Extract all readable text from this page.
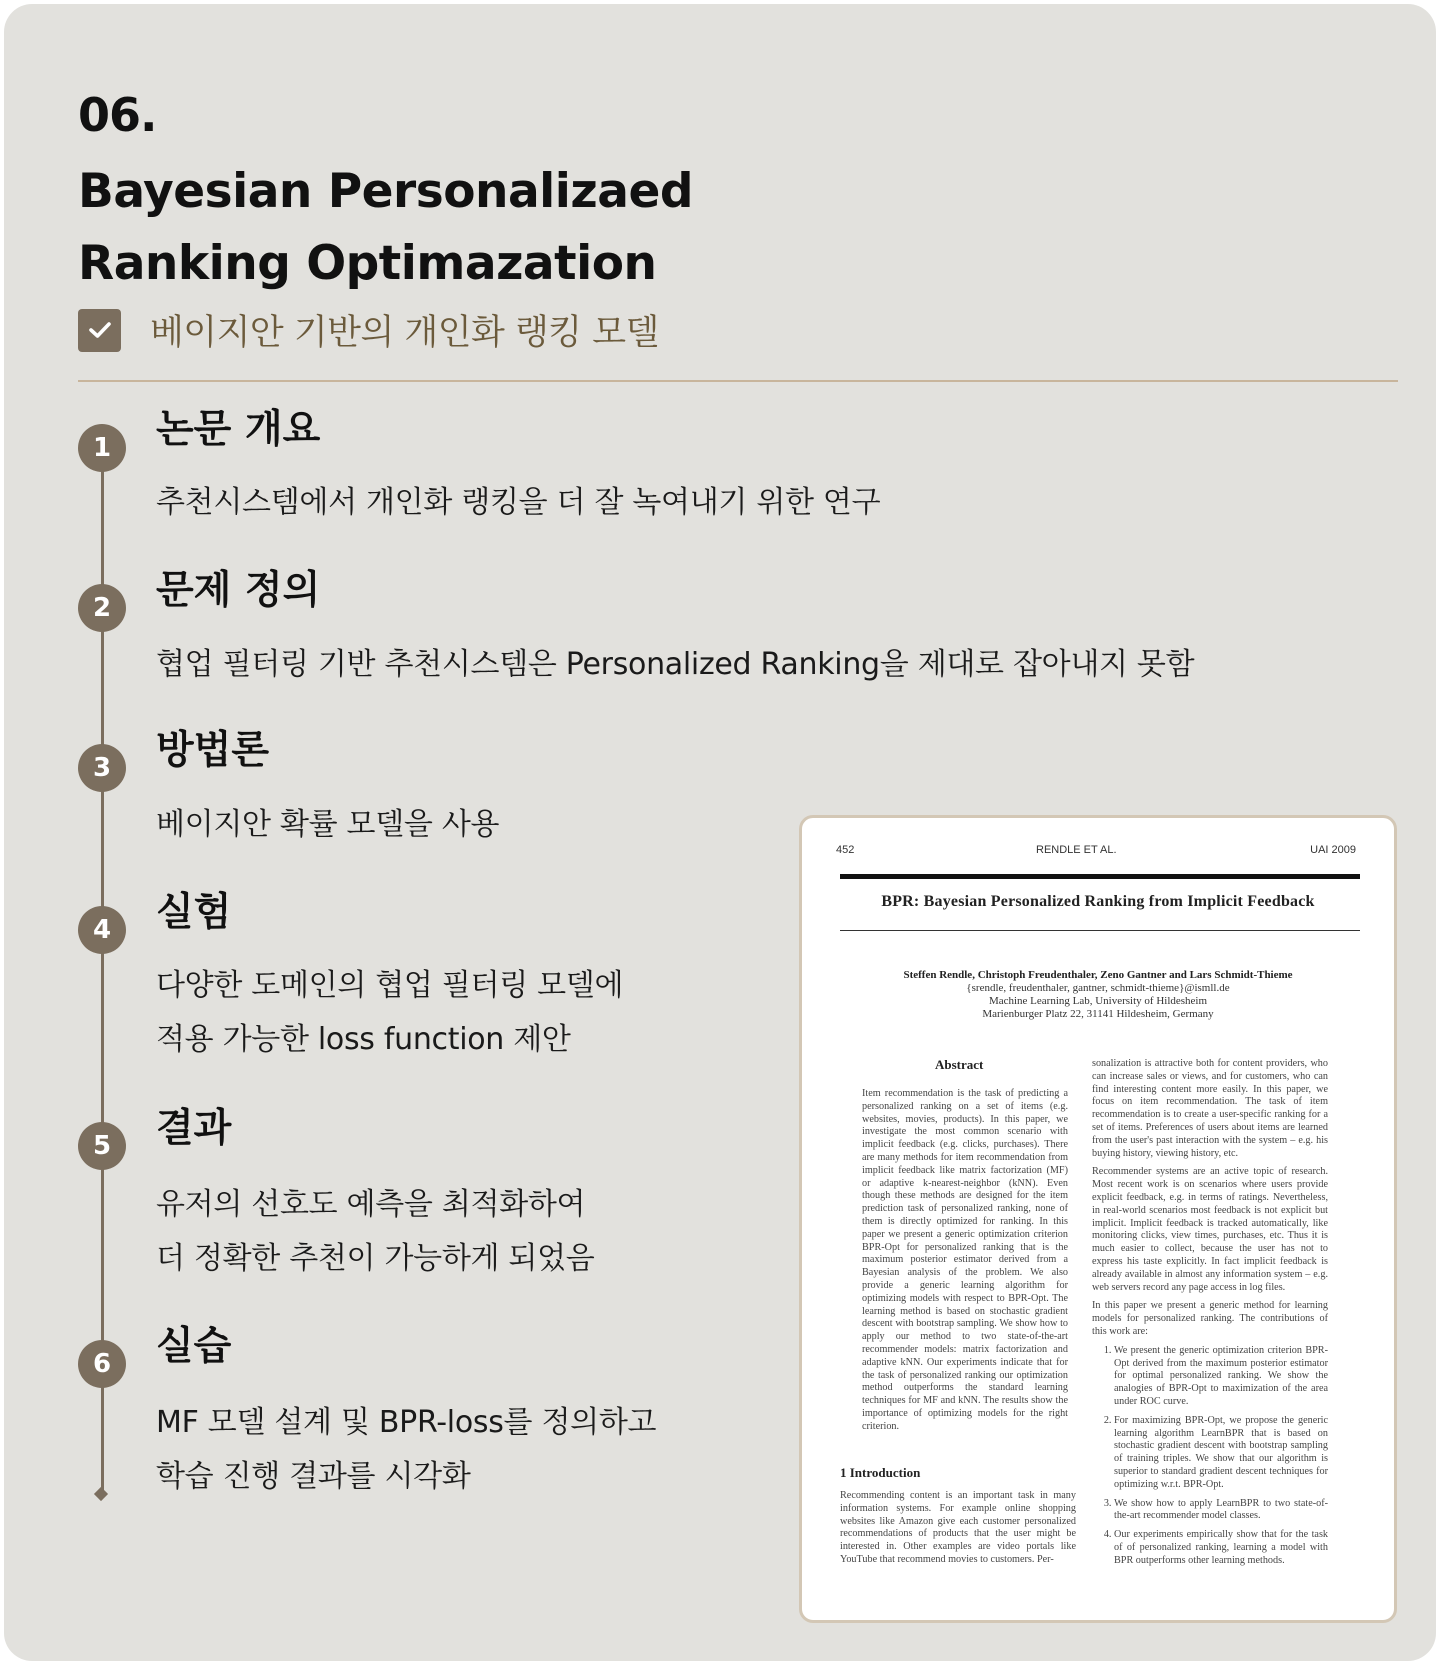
06.
Bayesian Personalizaed
Ranking Optimazation
베이지안 기반의 개인화 랭킹 모델
1	논문 개요
추천시스템에서 개인화 랭킹을 더 잘 녹여내기 위한 연구
2	문제 정의
협업 필터링 기반 추천시스템은 Personalized Ranking을 제대로 잡아내지 못함
3	방법론
베이지안 확률 모델을 사용
4	실험
다양한 도메인의 협업 필터링 모델에
적용 가능한 loss function 제안
5	결과
유저의 선호도 예측을 최적화하여
더 정확한 추천이 가능하게 되었음
6	실습
MF 모델 설계 및 BPR-loss를 정의하고
학습 진행 결과를 시각화
452	RENDLE ET AL.	UAI 2009
BPR: Bayesian Personalized Ranking from Implicit Feedback
Steffen Rendle, Christoph Freudenthaler, Zeno Gantner and Lars Schmidt-Thieme
{srendle, freudenthaler, gantner, schmidt-thieme}@ismll.de
Machine Learning Lab, University of Hildesheim
Marienburger Platz 22, 31141 Hildesheim, Germany
Abstract
Item recommendation is the task of predicting a personalized ranking on a set of items (e.g. websites, movies, products). In this paper, we investigate the most common scenario with implicit feedback (e.g. clicks, purchases). There are many methods for item recommendation from implicit feedback like matrix factorization (MF) or adaptive k-nearest-neighbor (kNN). Even though these methods are designed for the item prediction task of personalized ranking, none of them is directly optimized for ranking. In this paper we present a generic optimization criterion BPR-Opt for personalized ranking that is the maximum posterior estimator derived from a Bayesian analysis of the problem. We also provide a generic learning algorithm for optimizing models with respect to BPR-Opt. The learning method is based on stochastic gradient descent with bootstrap sampling. We show how to apply our method to two state-of-the-art recommender models: matrix factorization and adaptive kNN. Our experiments indicate that for the task of personalized ranking our optimization method outperforms the standard learning techniques for MF and kNN. The results show the importance of optimizing models for the right criterion.
1 Introduction
Recommending content is an important task in many information systems. For example online shopping websites like Amazon give each customer personalized recommendations of products that the user might be interested in. Other examples are video portals like YouTube that recommend movies to customers. Per-

sonalization is attractive both for content providers, who can increase sales or views, and for customers, who can find interesting content more easily. In this paper, we focus on item recommendation. The task of item recommendation is to create a user-specific ranking for a set of items. Preferences of users about items are learned from the user's past interaction with the system – e.g. his buying history, viewing history, etc.

Recommender systems are an active topic of research. Most recent work is on scenarios where users provide explicit feedback, e.g. in terms of ratings. Nevertheless, in real-world scenarios most feedback is not explicit but implicit. Implicit feedback is tracked automatically, like monitoring clicks, view times, purchases, etc. Thus it is much easier to collect, because the user has not to express his taste explicitly. In fact implicit feedback is already available in almost any information system – e.g. web servers record any page access in log files.

In this paper we present a generic method for learning models for personalized ranking. The contributions of this work are:

1. We present the generic optimization criterion BPR-Opt derived from the maximum posterior estimator for optimal personalized ranking. We show the analogies of BPR-Opt to maximization of the area under ROC curve.
2. For maximizing BPR-Opt, we propose the generic learning algorithm LearnBPR that is based on stochastic gradient descent with bootstrap sampling of training triples. We show that our algorithm is superior to standard gradient descent techniques for optimizing w.r.t. BPR-Opt.
3. We show how to apply LearnBPR to two state-of-the-art recommender model classes.
4. Our experiments empirically show that for the task of of personalized ranking, learning a model with BPR outperforms other learning methods.
